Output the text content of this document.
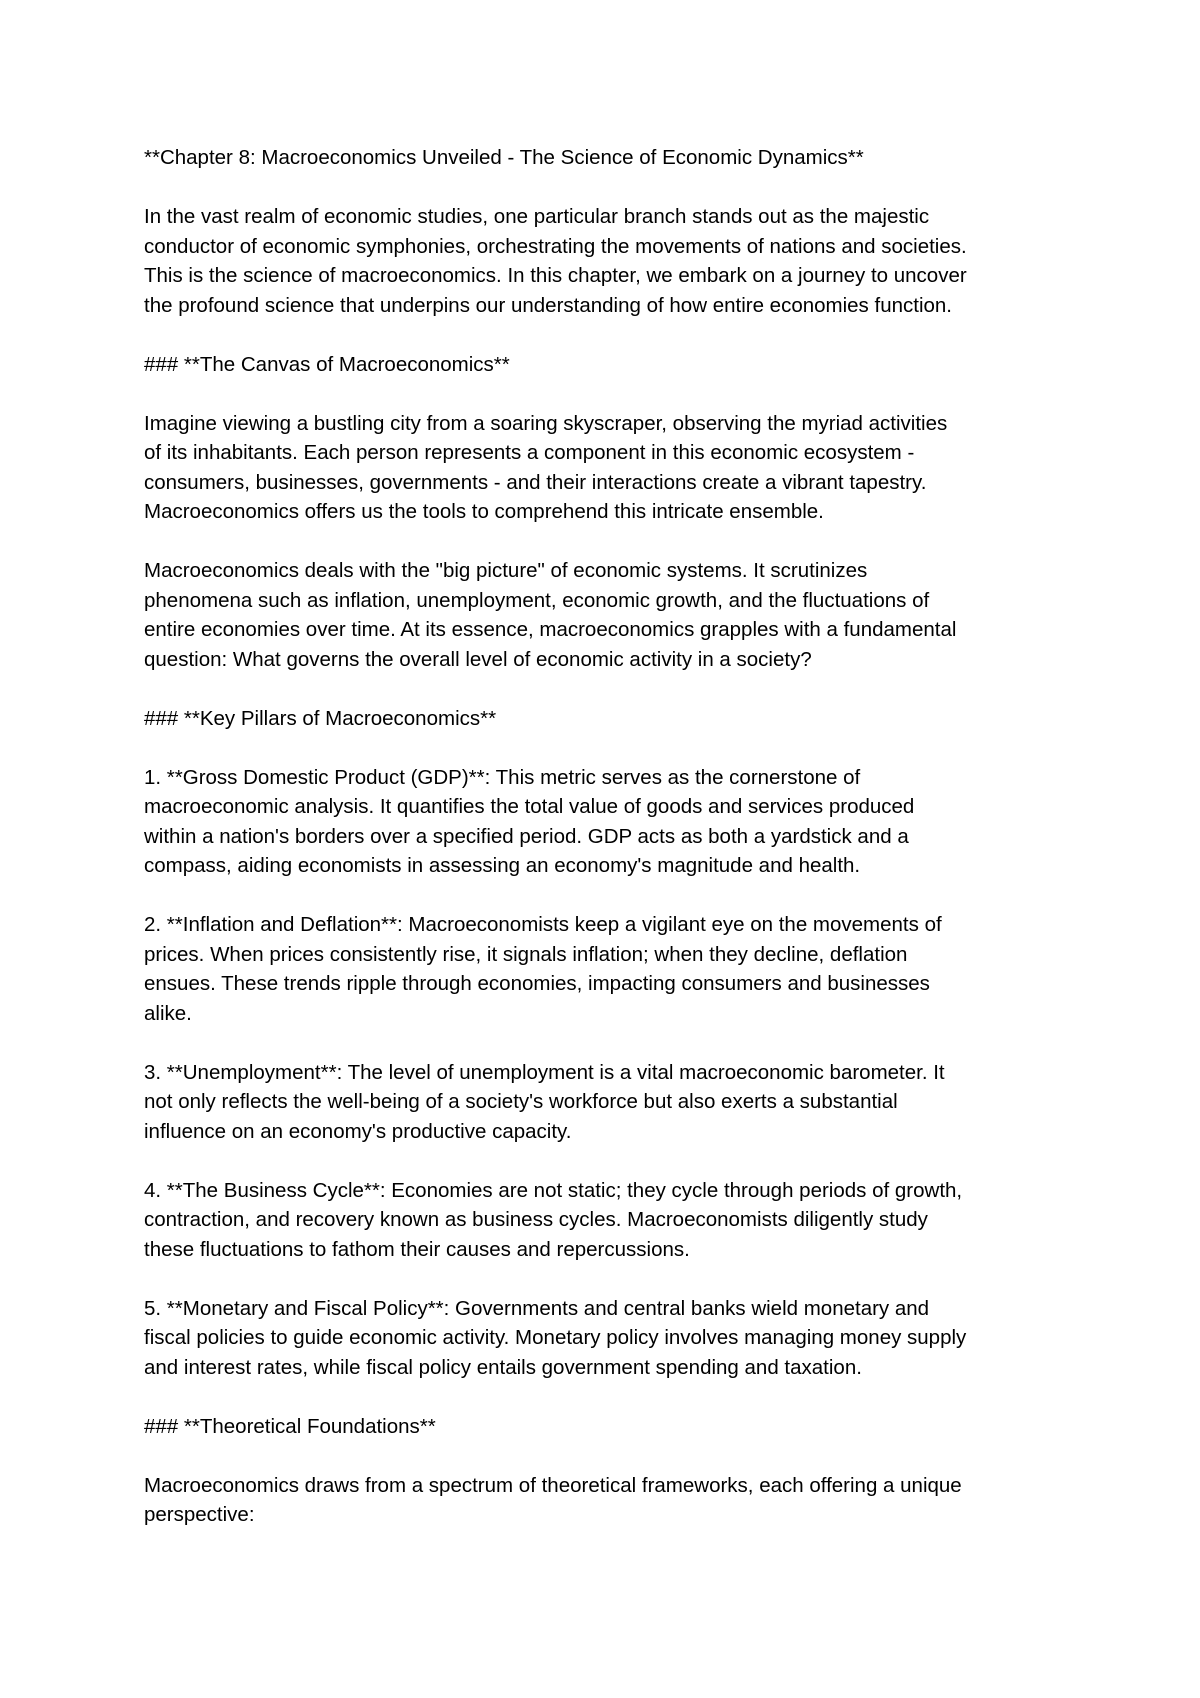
**Chapter 8: Macroeconomics Unveiled - The Science of Economic Dynamics**

In the vast realm of economic studies, one particular branch stands out as the majestic
conductor of economic symphonies, orchestrating the movements of nations and societies.
This is the science of macroeconomics. In this chapter, we embark on a journey to uncover
the profound science that underpins our understanding of how entire economies function.

### **The Canvas of Macroeconomics**

Imagine viewing a bustling city from a soaring skyscraper, observing the myriad activities
of its inhabitants. Each person represents a component in this economic ecosystem -
consumers, businesses, governments - and their interactions create a vibrant tapestry.
Macroeconomics offers us the tools to comprehend this intricate ensemble.

Macroeconomics deals with the "big picture" of economic systems. It scrutinizes
phenomena such as inflation, unemployment, economic growth, and the fluctuations of
entire economies over time. At its essence, macroeconomics grapples with a fundamental
question: What governs the overall level of economic activity in a society?

### **Key Pillars of Macroeconomics**

1. **Gross Domestic Product (GDP)**: This metric serves as the cornerstone of
macroeconomic analysis. It quantifies the total value of goods and services produced
within a nation's borders over a specified period. GDP acts as both a yardstick and a
compass, aiding economists in assessing an economy's magnitude and health.

2. **Inflation and Deflation**: Macroeconomists keep a vigilant eye on the movements of
prices. When prices consistently rise, it signals inflation; when they decline, deflation
ensues. These trends ripple through economies, impacting consumers and businesses
alike.

3. **Unemployment**: The level of unemployment is a vital macroeconomic barometer. It
not only reflects the well-being of a society's workforce but also exerts a substantial
influence on an economy's productive capacity.

4. **The Business Cycle**: Economies are not static; they cycle through periods of growth,
contraction, and recovery known as business cycles. Macroeconomists diligently study
these fluctuations to fathom their causes and repercussions.

5. **Monetary and Fiscal Policy**: Governments and central banks wield monetary and
fiscal policies to guide economic activity. Monetary policy involves managing money supply
and interest rates, while fiscal policy entails government spending and taxation.

### **Theoretical Foundations**

Macroeconomics draws from a spectrum of theoretical frameworks, each offering a unique
perspective:
